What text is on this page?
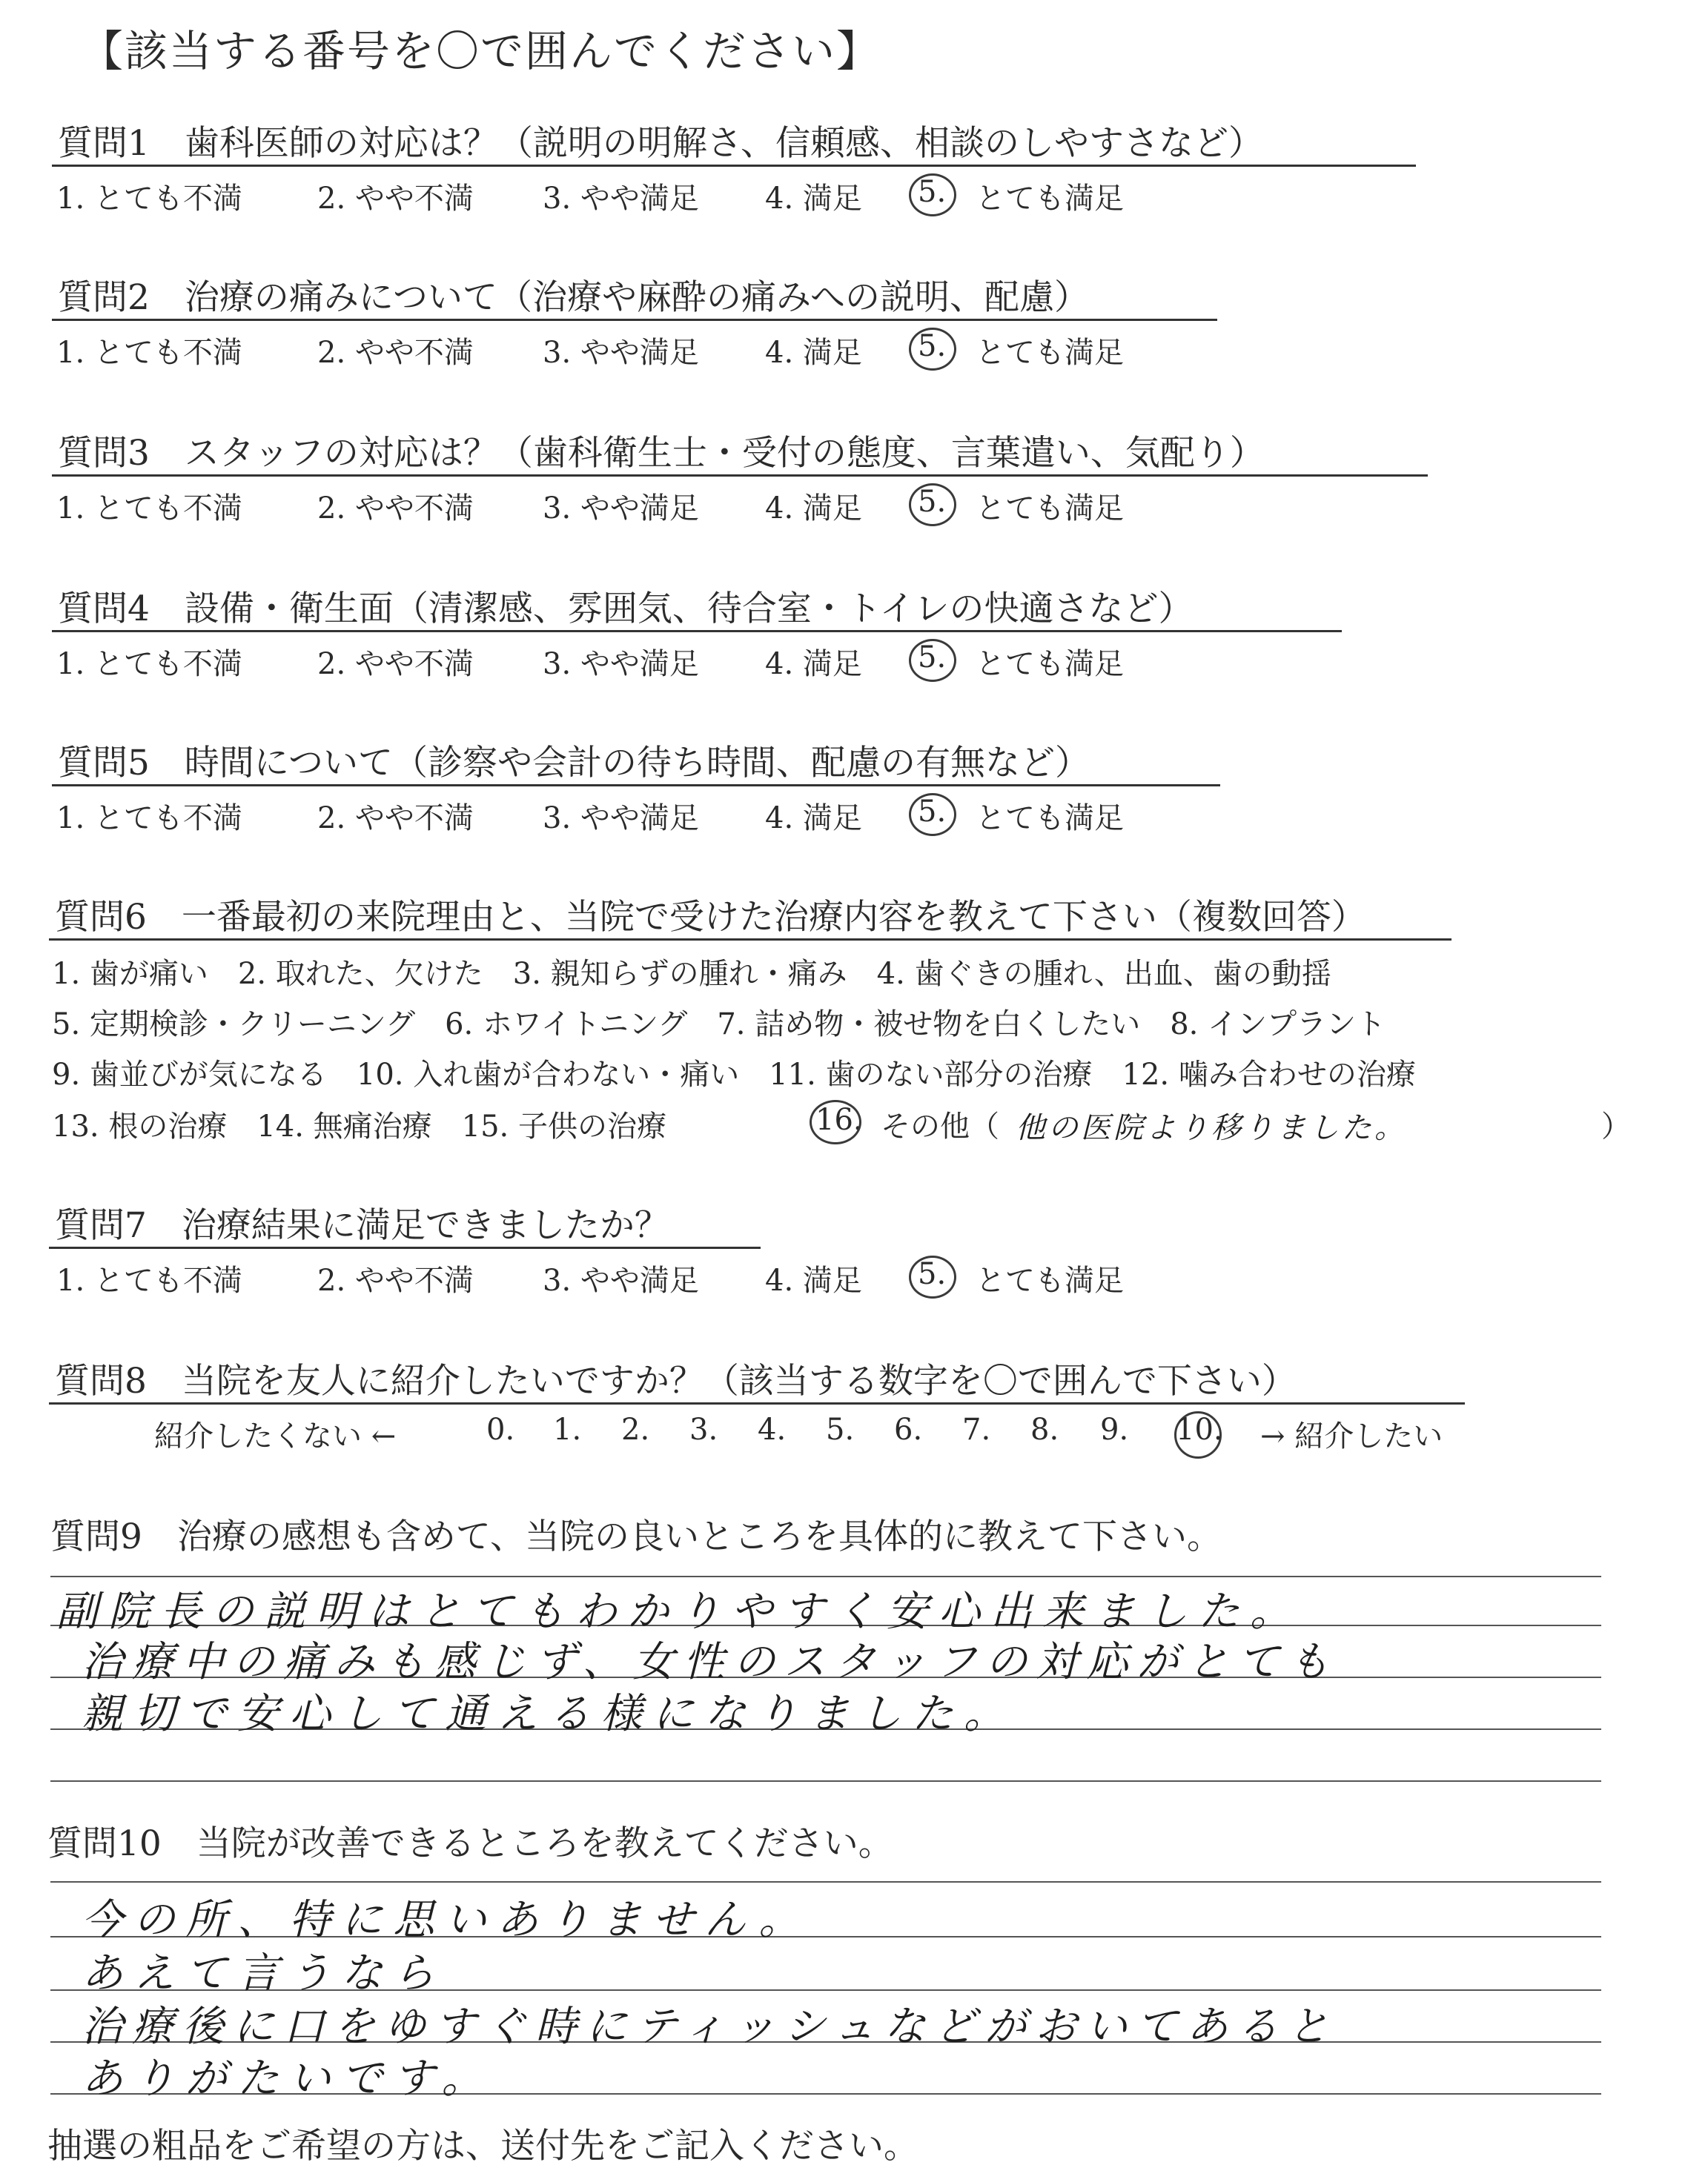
【該当する番号を〇で囲んでください】
質問1　歯科医師の対応は？（説明の明解さ、信頼感、相談のしやすさなど）
質問2　治療の痛みについて（治療や麻酔の痛みへの説明、配慮）
質問3　スタッフの対応は？（歯科衛生士・受付の態度、言葉遣い、気配り）
質問4　設備・衛生面（清潔感、雰囲気、待合室・トイレの快適さなど）
質問5　時間について（診察や会計の待ち時間、配慮の有無など）
質問6　一番最初の来院理由と、当院で受けた治療内容を教えて下さい（複数回答）
1. 歯が痛い　2. 取れた、欠けた　3. 親知らずの腫れ・痛み　4. 歯ぐきの腫れ、出血、歯の動揺
5. 定期検診・クリーニング　6. ホワイトニング　7. 詰め物・被せ物を白くしたい　8. インプラント
9. 歯並びが気になる　10. 入れ歯が合わない・痛い　11. 歯のない部分の治療　12. 噛み合わせの治療
13. 根の治療　14. 無痛治療　15. 子供の治療	16. その他（ 他の医院より移りました。	）
質問7　治療結果に満足できましたか？
質問8　当院を友人に紹介したいですか？（該当する数字を〇で囲んで下さい）
紹介したくない ←	→ 紹介したい
質問9　治療の感想も含めて、当院の良いところを具体的に教えて下さい。
副院長の説明はとてもわかりやすく安心出来ました。
治療中の痛みも感じず、女性のスタッフの対応がとても
親切で安心して通える様になりました。
質問10　当院が改善できるところを教えてください。
今の所、特に思いありません。
あえて言うなら
治療後に口をゆすぐ時にティッシュなどがおいてあると
ありがたいです。
抽選の粗品をご希望の方は、送付先をご記入ください。
1. とても不満	2. やや不満 3. やや満足 4. 満足 5. とても満足
1. とても不満	2. やや不満 3. やや満足 4. 満足 5. とても満足
1. とても不満	2. やや不満 3. やや満足 4. 満足 5. とても満足
1. とても不満	2. やや不満 3. やや満足 4. 満足 5. とても満足
1. とても不満	2. やや不満 3. やや満足 4. 満足 5. とても満足
1. とても不満	2. やや不満 3. やや満足 4. 満足 5. とても満足
0. 1. 2. 3. 4. 5. 6. 7. 8. 9. 10.
